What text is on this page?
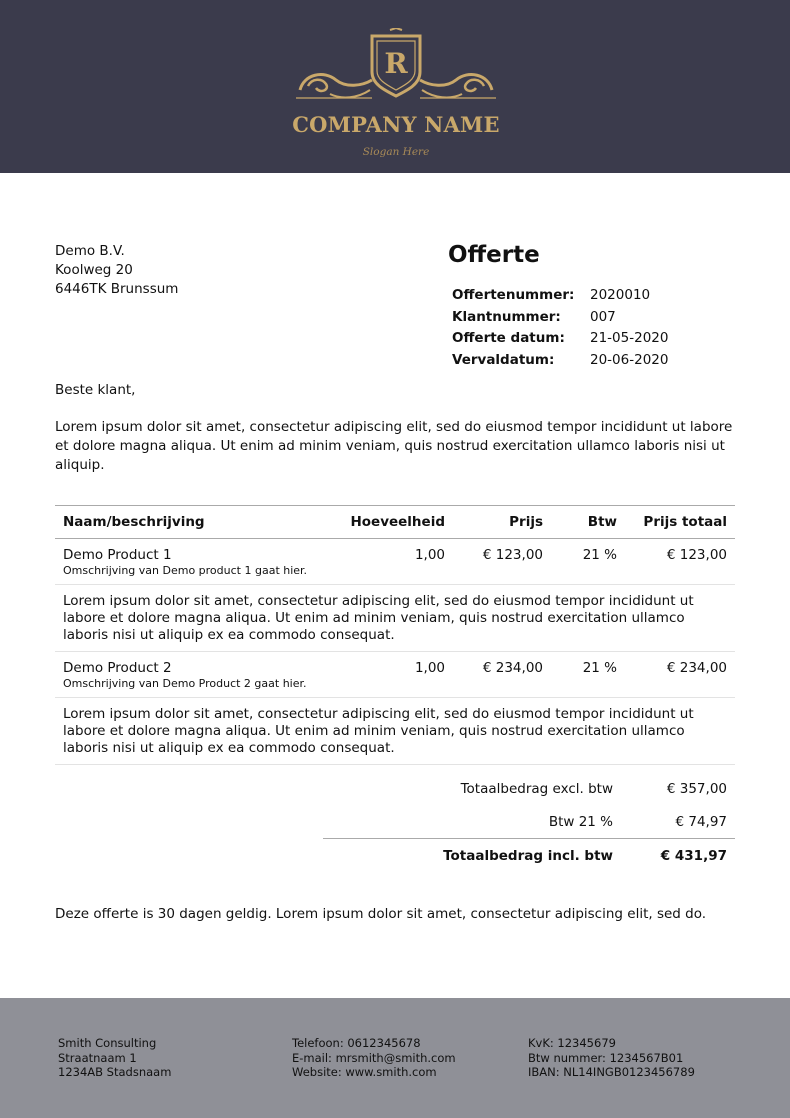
R
COMPANY NAME
Slogan Here
Demo B.V.
Koolweg 20
6446TK Brunssum
Offerte
Offertenummer:	2020010
Klantnummer:	007
Offerte datum:	21-05-2020
Vervaldatum:	20-06-2020
Beste klant,
Lorem ipsum dolor sit amet, consectetur adipiscing elit, sed do eiusmod tempor incididunt ut labore et dolore magna aliqua. Ut enim ad minim veniam, quis nostrud exercitation ullamco laboris nisi ut aliquip.
Naam/beschrijving	Hoeveelheid	Prijs	Btw	Prijs totaal
Demo Product 1
Omschrijving van Demo product 1 gaat hier.	1,00	€ 123,00	21 %	€ 123,00
Lorem ipsum dolor sit amet, consectetur adipiscing elit, sed do eiusmod tempor incididunt ut labore et dolore magna aliqua. Ut enim ad minim veniam, quis nostrud exercitation ullamco laboris nisi ut aliquip ex ea commodo consequat.				
Demo Product 2
Omschrijving van Demo Product 2 gaat hier.	1,00	€ 234,00	21 %	€ 234,00
Lorem ipsum dolor sit amet, consectetur adipiscing elit, sed do eiusmod tempor incididunt ut labore et dolore magna aliqua. Ut enim ad minim veniam, quis nostrud exercitation ullamco laboris nisi ut aliquip ex ea commodo consequat.				
Totaalbedrag excl. btw	€ 357,00
Btw 21 %	€ 74,97
Totaalbedrag incl. btw	€ 431,97
Deze offerte is 30 dagen geldig. Lorem ipsum dolor sit amet, consectetur adipiscing elit, sed do.
Smith Consulting
Straatnaam 1
1234AB Stadsnaam
Telefoon: 0612345678
E-mail: mrsmith@smith.com
Website: www.smith.com
KvK: 12345679
Btw nummer: 1234567B01
IBAN: NL14INGB0123456789
